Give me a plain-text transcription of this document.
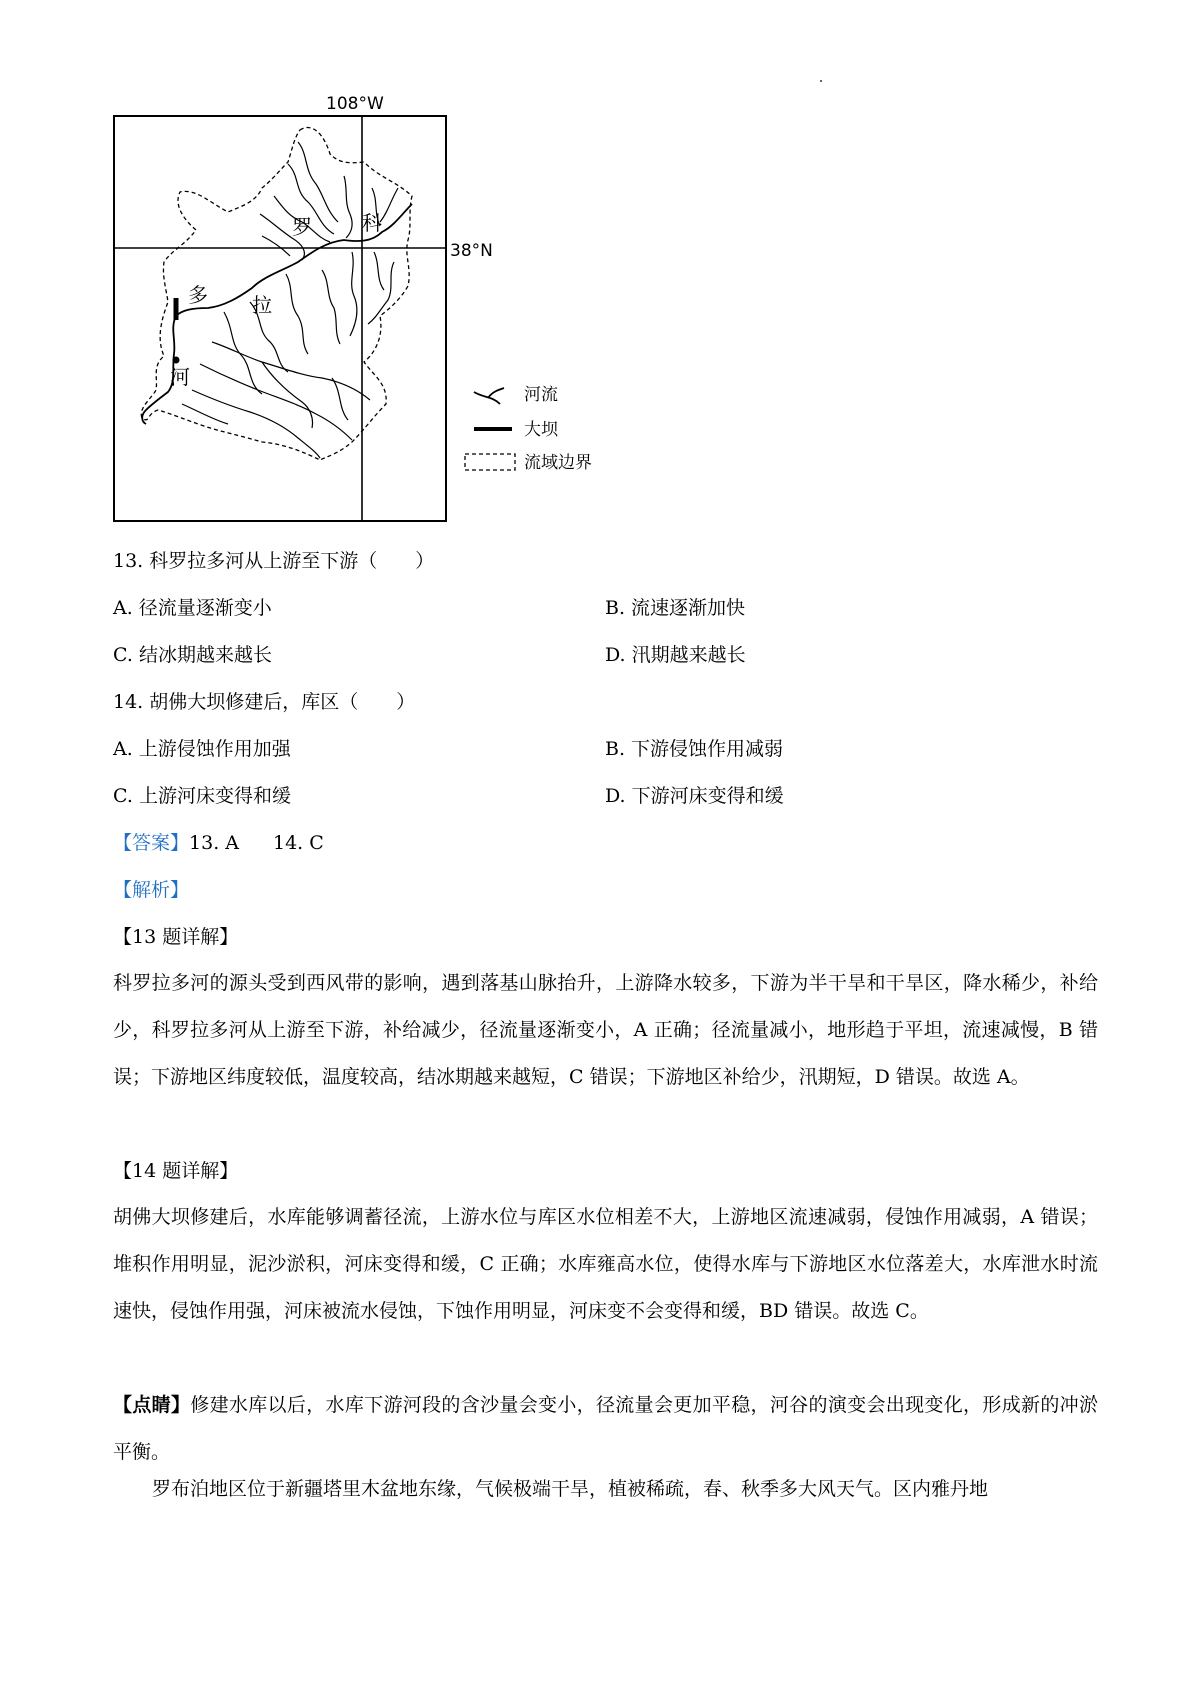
108°W
38°N
科
罗
拉
多
河
河流
大坝
流域边界
13. 科罗拉多河从上游至下游（　　）
A. 径流量逐渐变小	B. 流速逐渐加快
C. 结冰期越来越长	D. 汛期越来越长
14. 胡佛大坝修建后，库区（　　）
A. 上游侵蚀作用加强	B. 下游侵蚀作用减弱
C. 上游河床变得和缓	D. 下游河床变得和缓
【答案】13. A 14. C
【解析】
【13 题详解】
科罗拉多河的源头受到西风带的影响，遇到落基山脉抬升，上游降水较多，下游为半干旱和干旱区，降水稀少，补给少，科罗拉多河从上游至下游，补给减少，径流量逐渐变小，A 正确；径流量减小，地形趋于平坦，流速减慢，B 错误；下游地区纬度较低，温度较高，结冰期越来越短，C 错误；下游地区补给少，汛期短，D 错误。故选 A。
【14 题详解】
胡佛大坝修建后，水库能够调蓄径流，上游水位与库区水位相差不大，上游地区流速减弱，侵蚀作用减弱，A 错误；堆积作用明显，泥沙淤积，河床变得和缓，C 正确；水库雍高水位，使得水库与下游地区水位落差大，水库泄水时流速快，侵蚀作用强，河床被流水侵蚀，下蚀作用明显，河床变不会变得和缓，BD 错误。故选 C。
【点睛】修建水库以后，水库下游河段的含沙量会变小，径流量会更加平稳，河谷的演变会出现变化，形成新的冲淤平衡。
罗布泊地区位于新疆塔里木盆地东缘，气候极端干旱，植被稀疏，春、秋季多大风天气。区内雅丹地
